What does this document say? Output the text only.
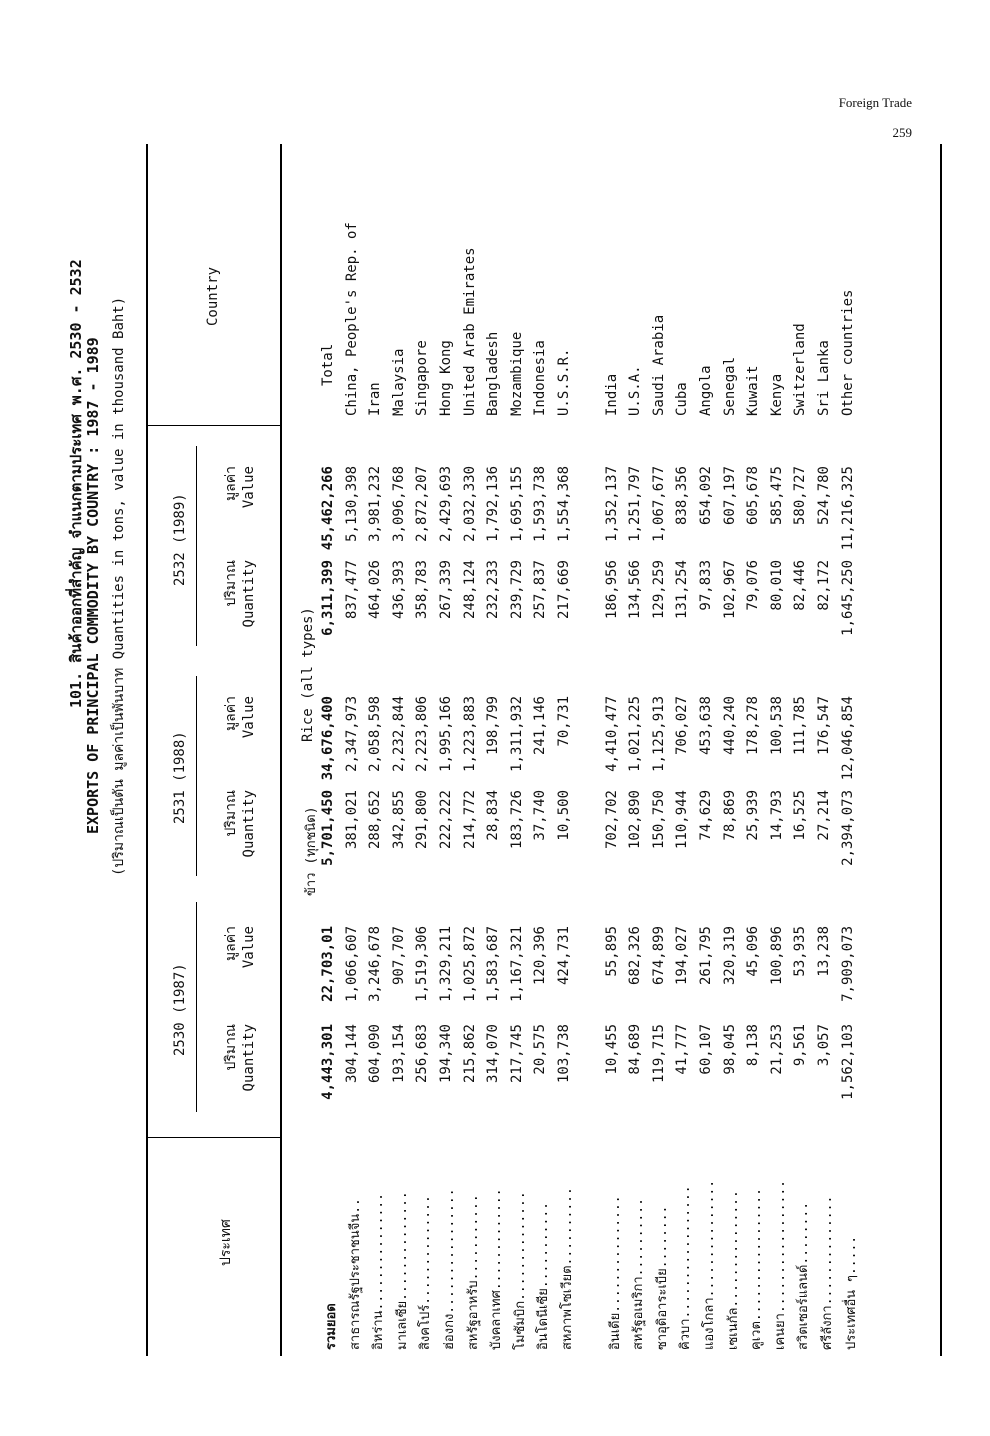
Foreign Trade
259
101. สินค้าออกที่สำคัญ จำแนกตามประเทศ พ.ศ. 2530 - 2532 EXPORTS OF PRINCIPAL COMMODITY BY COUNTRY : 1987 - 1989 (ปริมาณเป็นตัน มูลค่าเป็นพันบาท Quantities in tons, value in thousand Baht)
ประเทศ
Country
2530 (1987)
2531 (1988)
2532 (1989)
ปริมาณ Quantity
มูลค่า Value
ปริมาณ Quantity
มูลค่า Value
ปริมาณ Quantity
มูลค่า Value
ข้าว (ทุกชนิด)
Rice (all types)
รวมยอด
4,443,301
22,703,01
5,701,450
34,676,400
6,311,399
45,462,266
Total
สาธารณรัฐประชาชนจีน..
304,144
1,066,607
381,021
2,347,973
837,477
5,130,398
China, People's Rep. of
อิหร่าน...............
604,090
3,246,678
288,652
2,058,598
464,026
3,981,232
Iran
มาเลเซีย..............
193,154
907,707
342,855
2,232,844
436,393
3,096,768
Malaysia
สิงคโปร์..............
256,683
1,519,306
291,800
2,223,806
358,783
2,872,207
Singapore
ฮ่องกง................
194,340
1,329,211
222,222
1,995,166
267,339
2,429,693
Hong Kong
สหรัฐอาหรับ...........
215,862
1,025,872
214,772
1,223,883
248,124
2,032,330
United Arab Emirates
บังคลาเทศ.............
314,070
1,583,687
28,834
198,799
232,233
1,792,136
Bangladesh
โมซัมบิก..............
217,745
1,167,321
183,726
1,311,932
239,729
1,695,155
Mozambique
อินโดนีเซีย...........
20,575
120,396
37,740
241,146
257,837
1,593,738
Indonesia
สหภาพโซเวียต..........
103,738
424,731
10,500
70,731
217,669
1,554,368
U.S.S.R.
อินเดีย...............
10,455
55,895
702,702
4,410,477
186,956
1,352,137
India
สหรัฐอเมริกา..........
84,689
682,326
102,890
1,021,225
134,566
1,251,797
U.S.A.
ซาอุดิอาระเบีย........
119,715
674,899
150,750
1,125,913
129,259
1,067,677
Saudi Arabia
คิวบา.................
41,777
194,027
110,944
706,027
131,254
838,356
Cuba
แองโกลา...............
60,107
261,795
74,629
453,638
97,833
654,092
Angola
เซเนกัล...............
98,045
320,319
78,869
440,240
102,967
607,197
Senegal
คูเวต.................
8,138
45,096
25,939
178,278
79,076
605,678
Kuwait
เคนยา.................
21,253
100,896
14,793
100,538
80,010
585,475
Kenya
สวิตเซอร์แลนด์........
9,561
53,935
16,525
111,785
82,446
580,727
Switzerland
ศรีลังกา..............
3,057
13,238
27,214
176,547
82,172
524,780
Sri Lanka
ประเทศอื่น ๆ.....
1,562,103
7,909,073
2,394,073
12,046,854
1,645,250
11,216,325
Other countries
